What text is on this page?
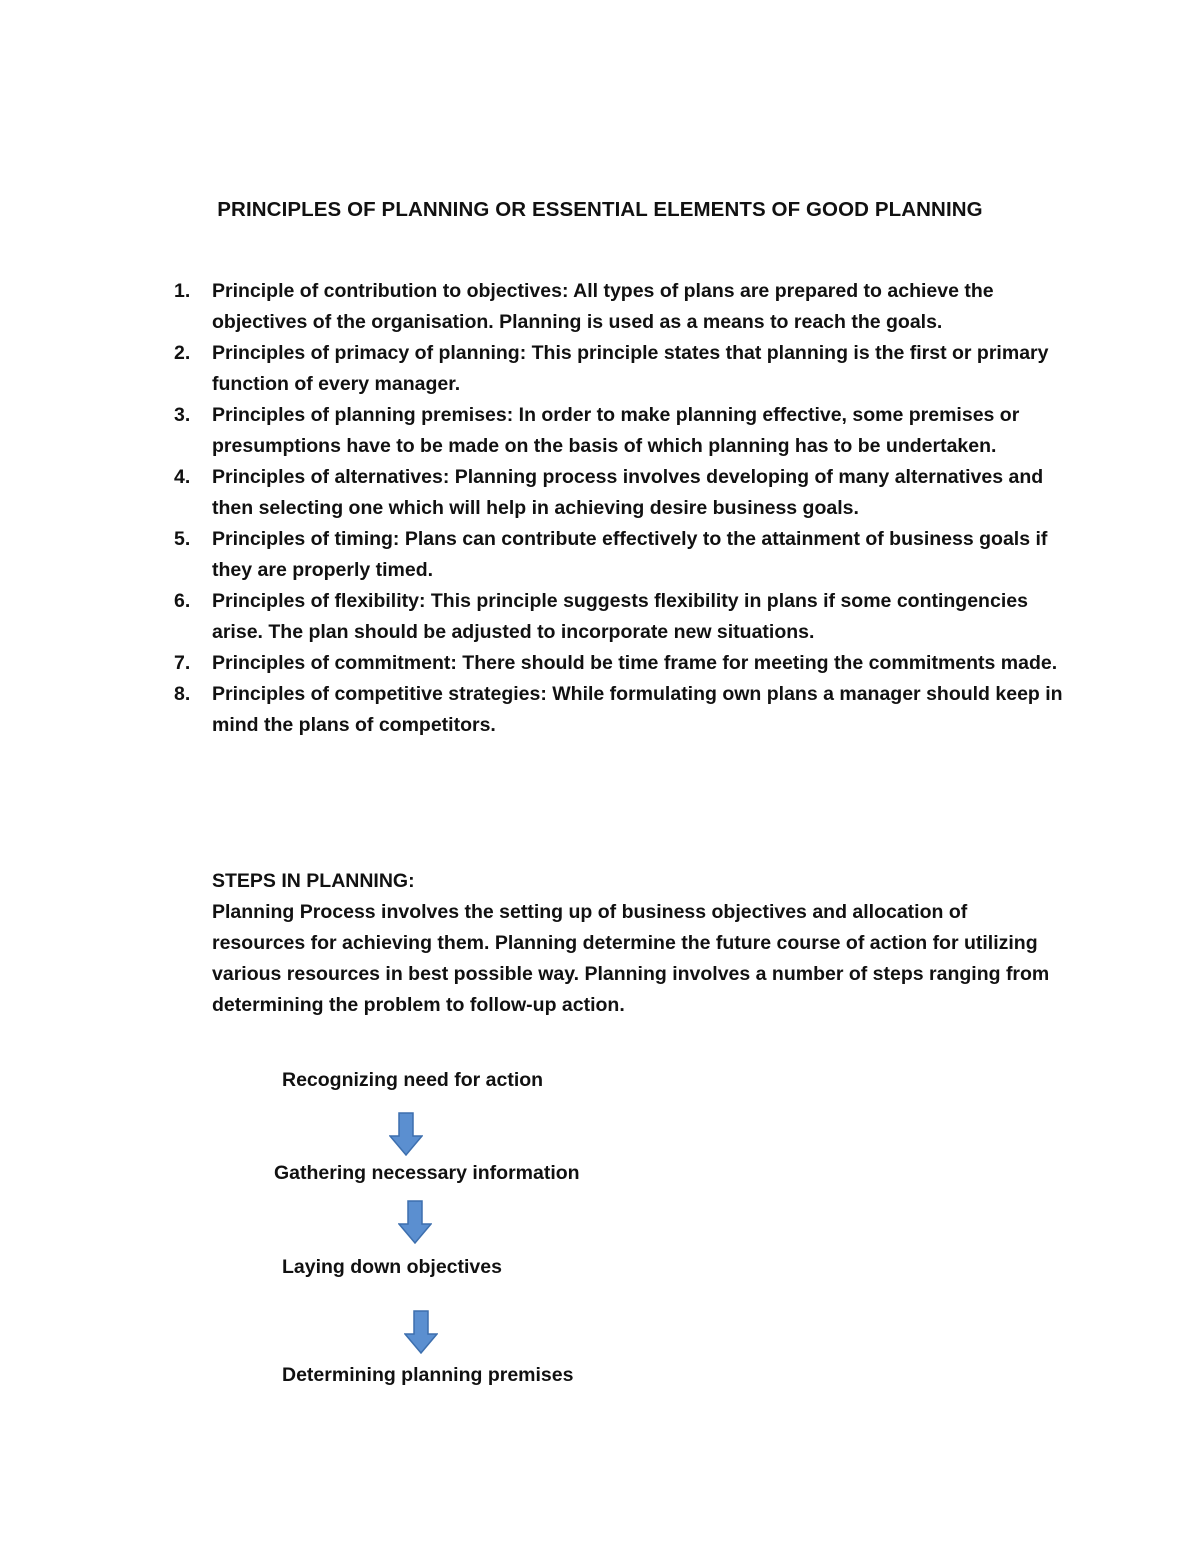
PRINCIPLES OF PLANNING OR ESSENTIAL ELEMENTS OF GOOD PLANNING
1.	Principle of contribution to objectives: All types of plans are prepared to achieve the objectives of the organisation. Planning is used as a means to reach the goals.
2.	Principles of primacy of planning: This principle states that planning is the first or primary function of every manager.
3.	Principles of planning premises: In order to make planning effective, some premises or presumptions have to be made on the basis of which planning has to be undertaken.
4.	Principles of alternatives: Planning process involves developing of many alternatives and then selecting one which will help in achieving desire business goals.
5.	Principles of timing: Plans can contribute effectively to the attainment of business goals if they are properly timed.
6.	Principles of flexibility: This principle suggests flexibility in plans if some contingencies arise. The plan should be adjusted to incorporate new situations.
7.	Principles of commitment: There should be time frame for meeting the commitments made.
8.	Principles of competitive strategies: While formulating own plans a manager should keep in mind the plans of competitors.
STEPS IN PLANNING:
Planning Process involves the setting up of business objectives and allocation of resources for achieving them. Planning determine the future course of action for utilizing various resources in best possible way. Planning involves a number of steps ranging from determining the problem to follow-up action.
Recognizing need for action
Gathering necessary information
Laying down objectives
Determining planning premises
